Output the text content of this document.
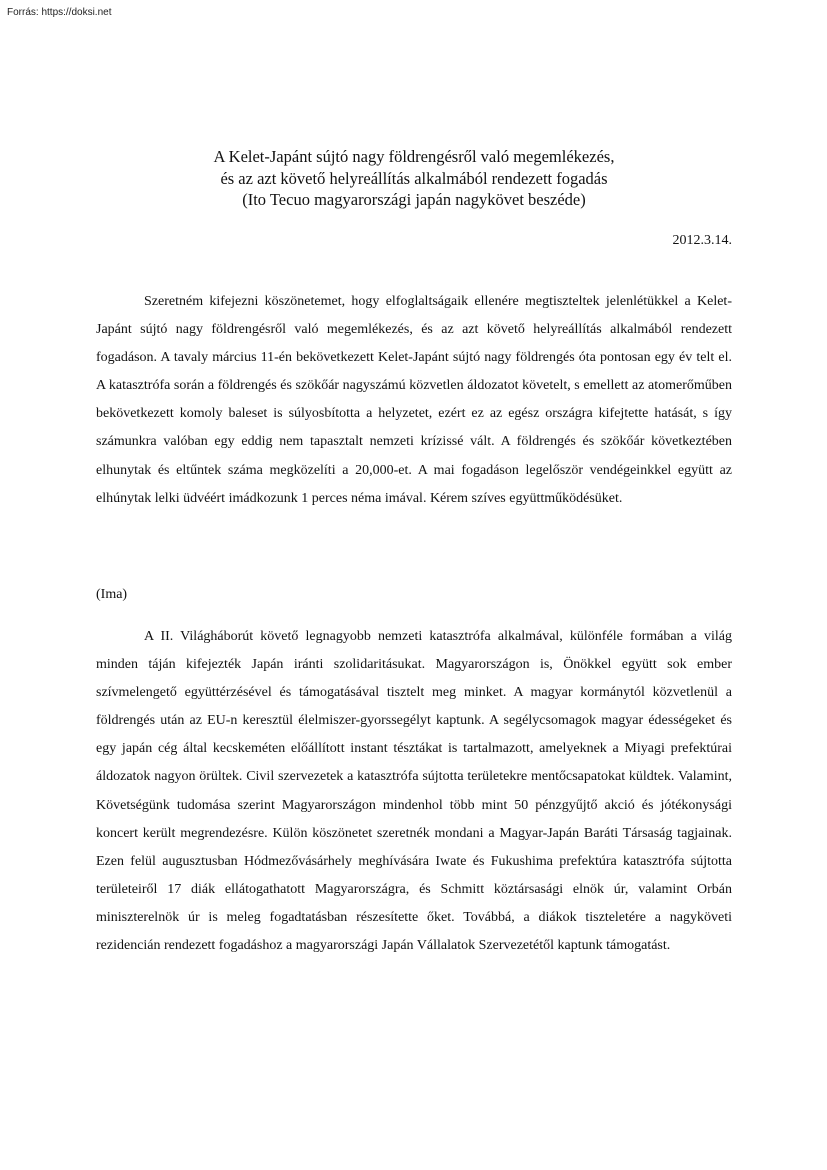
Forrás: https://doksi.net
A Kelet-Japánt sújtó nagy földrengésről való megemlékezés,
és az azt követő helyreállítás alkalmából rendezett fogadás
(Ito Tecuo magyarországi japán nagykövet beszéde)
2012.3.14.

Szeretném kifejezni köszönetemet, hogy elfoglaltságaik ellenére megtiszteltek jelenlétükkel a Kelet-Japánt sújtó nagy földrengésről való megemlékezés, és az azt követő helyreállítás alkalmából rendezett fogadáson. A tavaly március 11-én bekövetkezett Kelet-Japánt sújtó nagy földrengés óta pontosan egy év telt el. A katasztrófa során a földrengés és szökőár nagyszámú közvetlen áldozatot követelt, s emellett az atomerőműben bekövetkezett komoly baleset is súlyosbította a helyzetet, ezért ez az egész országra kifejtette hatását, s így számunkra valóban egy eddig nem tapasztalt nemzeti krízissé vált. A földrengés és szökőár következtében elhunytak és eltűntek száma megközelíti a 20,000-et. A mai fogadáson legelőször vendégeinkkel együtt az elhúnytak lelki üdvéért imádkozunk 1 perces néma imával. Kérem szíves együttműködésüket.

(Ima)

A II. Világháborút követő legnagyobb nemzeti katasztrófa alkalmával, különféle formában a világ minden táján kifejezték Japán iránti szolidaritásukat. Magyarországon is, Önökkel együtt sok ember szívmelengető együttérzésével és támogatásával tisztelt meg minket. A magyar kormánytól közvetlenül a földrengés után az EU-n keresztül élelmiszer-gyorssegélyt kaptunk. A segélycsomagok magyar édességeket és egy japán cég által kecskeméten előállított instant tésztákat is tartalmazott, amelyeknek a Miyagi prefektúrai áldozatok nagyon örültek. Civil szervezetek a katasztrófa sújtotta területekre mentőcsapatokat küldtek. Valamint, Követségünk tudomása szerint Magyarországon mindenhol több mint 50 pénzgyűjtő akció és jótékonysági koncert került megrendezésre. Külön köszönetet szeretnék mondani a Magyar-Japán Baráti Társaság tagjainak. Ezen felül augusztusban Hódmezővásárhely meghívására Iwate és Fukushima prefektúra katasztrófa sújtotta területeiről 17 diák ellátogathatott Magyarországra, és Schmitt köztársasági elnök úr, valamint Orbán miniszterelnök úr is meleg fogadtatásban részesítette őket. Továbbá, a diákok tiszteletére a nagyköveti rezidencián rendezett fogadáshoz a magyarországi Japán Vállalatok Szervezetétől kaptunk támogatást.
